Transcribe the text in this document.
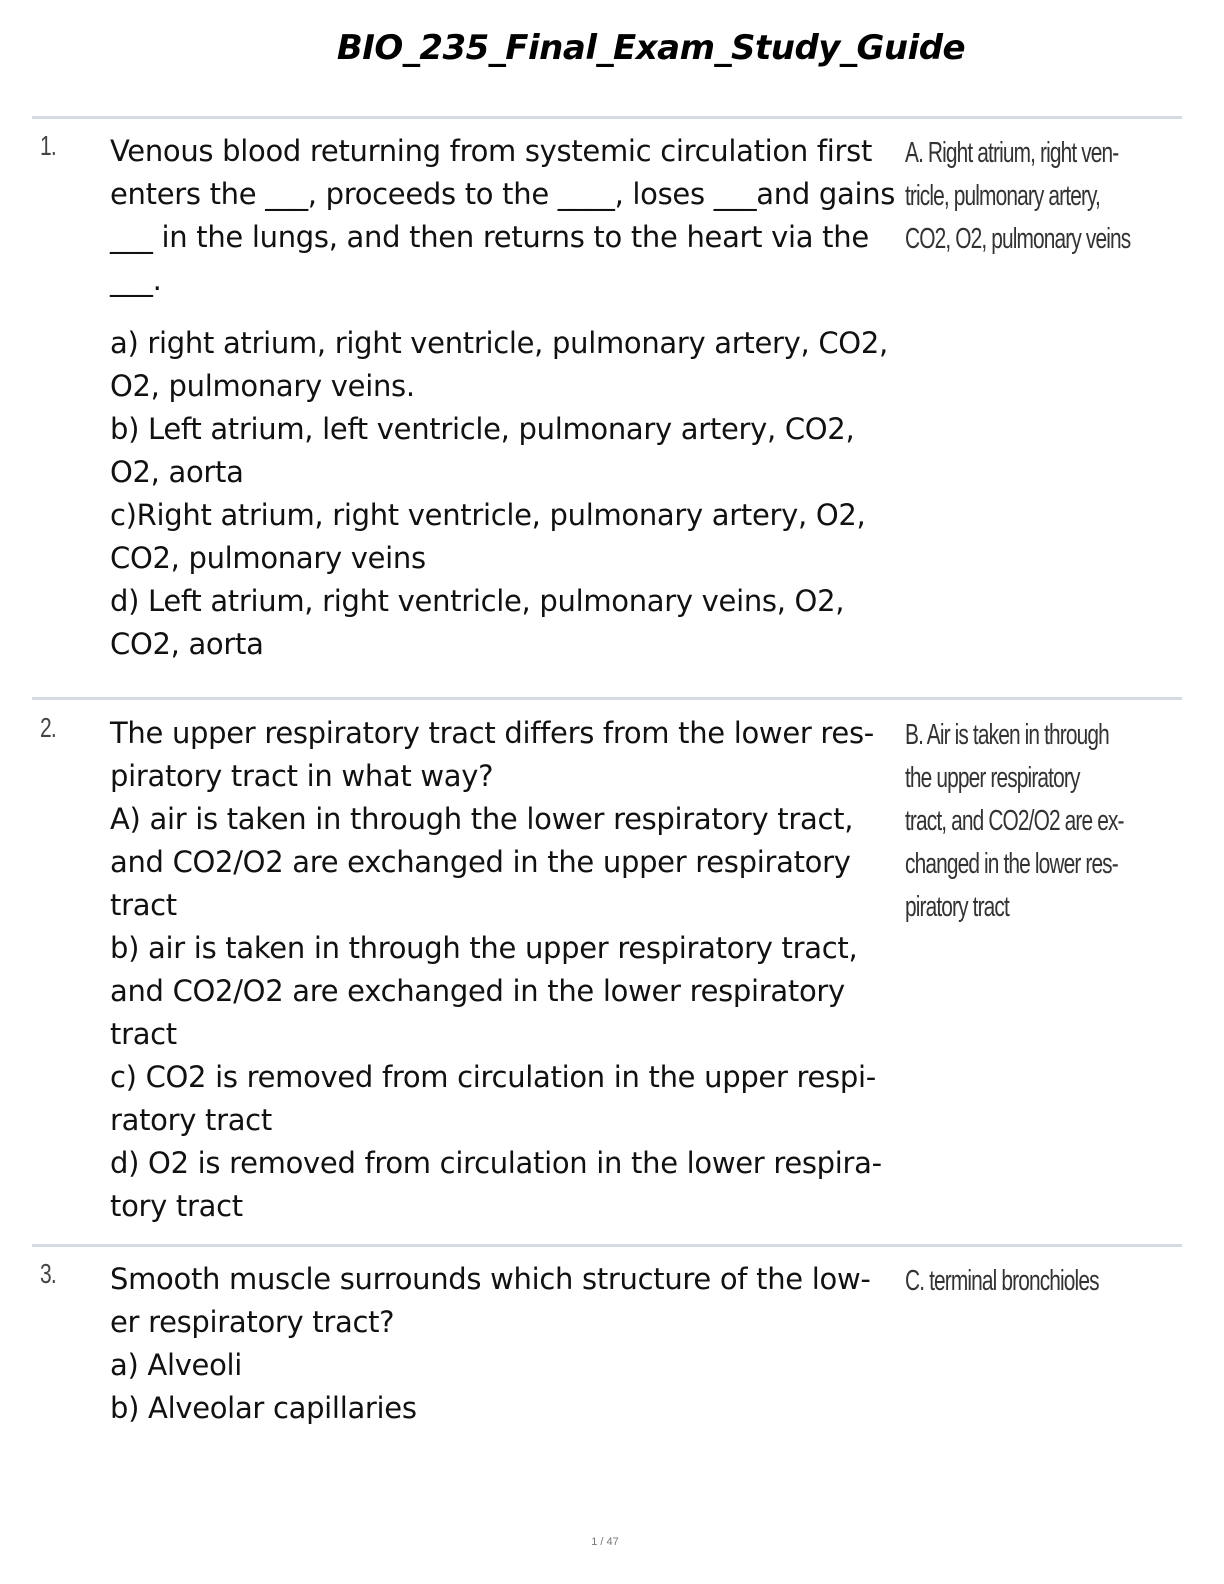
BIO_235_Final_Exam_Study_Guide
1. Venous blood returning from systemic circulation first
enters the ___, proceeds to the ____, loses ___and gains
___ in the lungs, and then returns to the heart via the
___.
a) right atrium, right ventricle, pulmonary artery, CO2,
O2, pulmonary veins.
b) Left atrium, left ventricle, pulmonary artery, CO2,
O2, aorta
c)Right atrium, right ventricle, pulmonary artery, O2,
CO2, pulmonary veins
d) Left atrium, right ventricle, pulmonary veins, O2,
CO2, aorta
A. Right atrium, right ven-
tricle, pulmonary artery,
CO2, O2, pulmonary veins
2. The upper respiratory tract differs from the lower res-
piratory tract in what way?
A) air is taken in through the lower respiratory tract,
and CO2/O2 are exchanged in the upper respiratory
tract
b) air is taken in through the upper respiratory tract,
and CO2/O2 are exchanged in the lower respiratory
tract
c) CO2 is removed from circulation in the upper respi-
ratory tract
d) O2 is removed from circulation in the lower respira-
tory tract
B. Air is taken in through
the upper respiratory
tract, and CO2/O2 are ex-
changed in the lower res-
piratory tract
3. Smooth muscle surrounds which structure of the low-
er respiratory tract?
a) Alveoli
b) Alveolar capillaries
C. terminal bronchioles
1 / 47
